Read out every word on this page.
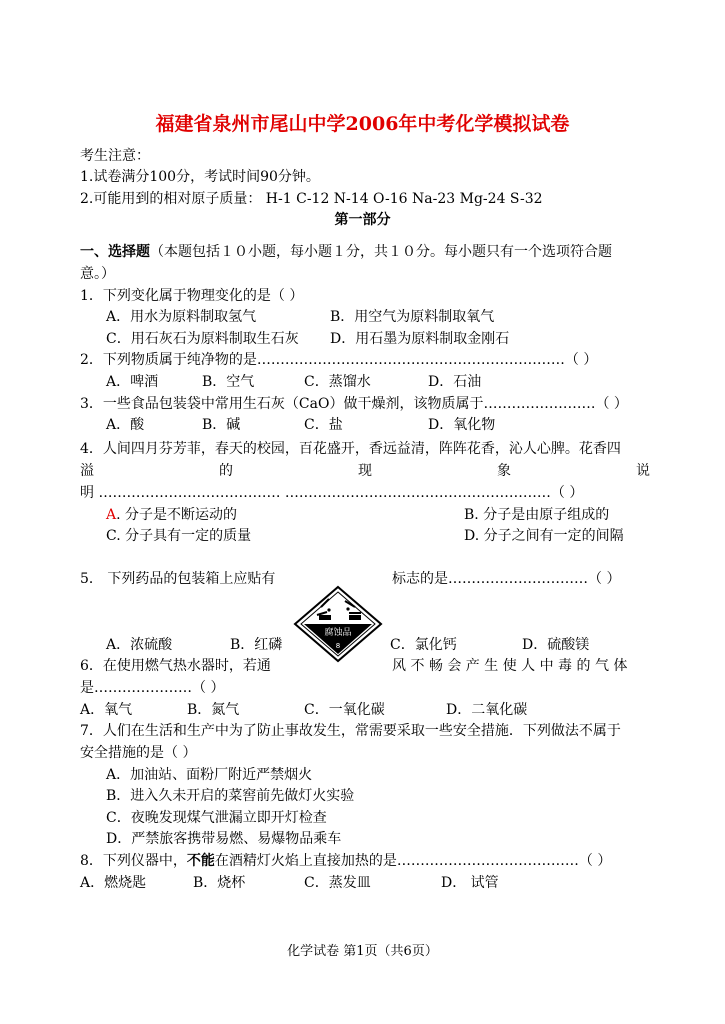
福建省泉州市尾山中学2006年中考化学模拟试卷
考生注意：
1.试卷满分100分，考试时间90分钟。
2.可能用到的相对原子质量： H-1 C-12 N-14 O-16 Na-23 Mg-24 S-32
第一部分
一、选择题（本题包括１０小题，每小题１分，共１０分。每小题只有一个选项符合题
意。）
1．下列变化属于物理变化的是（ ）
A．用水为原料制取氢气	B．用空气为原料制取氧气
C．用石灰石为原料制取生石灰 D．用石墨为原料制取金刚石
2．下列物质属于纯净物的是…………………………………………………………（ ）
A．啤酒	B．空气	C．蒸馏水	D．石油
3．一些食品包装袋中常用生石灰（CaO）做干燥剂，该物质属于……………………（ ）
A．酸	B．碱	C．盐	D．氧化物
4．人间四月芬芳菲，春天的校园，百花盛开，香远益清，阵阵花香，沁人心脾。花香四
溢	的	现	象	说
明 ………………………………… …………………………………………………（ ）
A. 分子是不断运动的	B. 分子是由原子组成的
C. 分子具有一定的质量	D. 分子之间有一定的间隔
5． 下列药品的包装箱上应贴有	标志的是…………………………（ ）
腐蚀品
8
A．浓硫酸	B．红磷	C．氯化钙	D．硫酸镁
6．在使用燃气热水器时，若通	风 不 畅 会 产 生 使 人 中 毒 的 气 体
是…………………（ ）
A．氧气	B．氮气	C．一氧化碳	D．二氧化碳
7．人们在生活和生产中为了防止事故发生，常需要采取一些安全措施．下列做法不属于
安全措施的是（ ）
A．加油站、面粉厂附近严禁烟火
B．进入久未开启的菜窖前先做灯火实验
C．夜晚发现煤气泄漏立即开灯检查
D．严禁旅客携带易燃、易爆物品乘车
8．下列仪器中，不能在酒精灯火焰上直接加热的是…………………………………（ ）
A．燃烧匙	B．烧杯	C．蒸发皿	D． 试管
化学试卷 第1页（共6页）
